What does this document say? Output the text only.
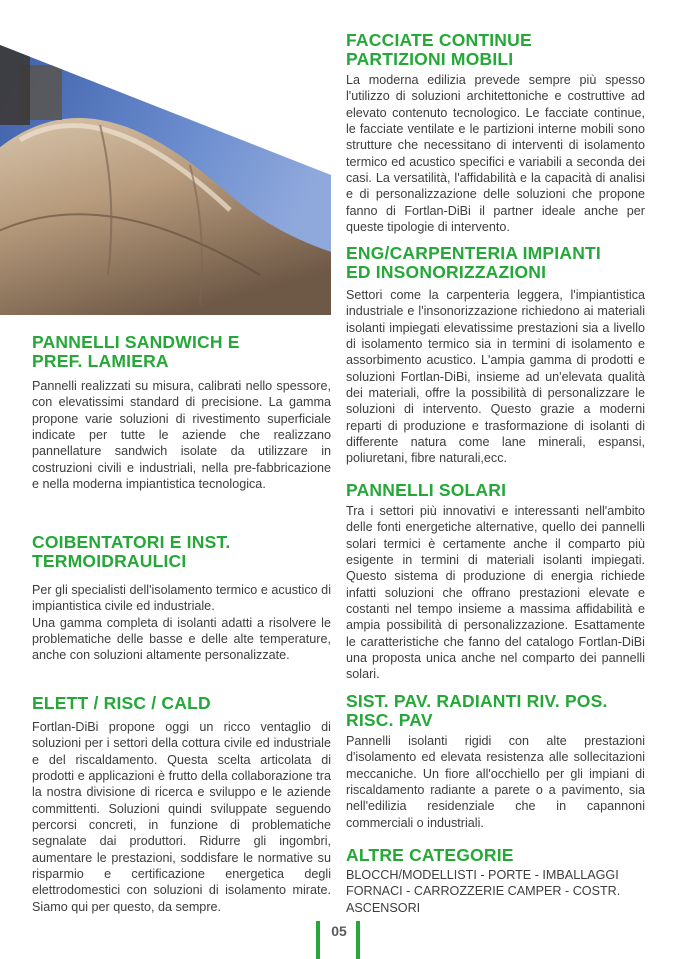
PANNELLI SANDWICH E
PREF. LAMIERA

Pannelli realizzati su misura, calibrati nello spessore, con elevatissimi standard di precisione. La gamma propone varie soluzioni di rivestimento superficiale indicate per tutte le aziende che realizzano pannellature sandwich isolate da utilizzare in costruzioni civili e industriali, nella pre-fabbricazione e nella moderna impiantistica tecnologica.

COIBENTATORI E INST.
TERMOIDRAULICI

Per gli specialisti dell'isolamento termico e acustico di impiantistica civile ed industriale.

Una gamma completa di isolanti adatti a risolvere le problematiche delle basse e delle alte temperature, anche con soluzioni altamente personalizzate.

ELETT / RISC / CALD

Fortlan-DiBi propone oggi un ricco ventaglio di soluzioni per i settori della cottura civile ed industriale e del riscaldamento. Questa scelta articolata di prodotti e applicazioni è frutto della collaborazione tra la nostra divisione di ricerca e sviluppo e le aziende committenti. Soluzioni quindi sviluppate seguendo percorsi concreti, in funzione di problematiche segnalate dai produttori. Ridurre gli ingombri, aumentare le prestazioni, soddisfare le normative su risparmio e certificazione energetica degli elettrodomestici con soluzioni di isolamento mirate. Siamo qui per questo, da sempre.

FACCIATE CONTINUE
PARTIZIONI MOBILI

La moderna edilizia prevede sempre più spesso l'utilizzo di soluzioni architettoniche e costruttive ad elevato contenuto tecnologico. Le facciate continue, le facciate ventilate e le partizioni interne mobili sono strutture che necessitano di interventi di isolamento termico ed acustico specifici e variabili a seconda dei casi. La versatilità, l'affidabilità e la capacità di analisi e di personalizzazione delle soluzioni che propone fanno di Fortlan-DiBi il partner ideale anche per queste tipologie di intervento.

ENG/CARPENTERIA IMPIANTI
ED INSONORIZZAZIONI

Settori come la carpenteria leggera, l'impiantistica industriale e l'insonorizzazione richiedono ai materiali isolanti impiegati elevatissime prestazioni sia a livello di isolamento termico sia in termini di isolamento e assorbimento acustico. L'ampia gamma di prodotti e soluzioni Fortlan-DiBi, insieme ad un'elevata qualità dei materiali, offre la possibilità di personalizzare le soluzioni di intervento. Questo grazie a moderni reparti di produzione e trasformazione di isolanti di differente natura come lane minerali, espansi, poliuretani, fibre naturali,ecc.

PANNELLI SOLARI

Tra i settori più innovativi e interessanti nell'ambito delle fonti energetiche alternative, quello dei pannelli solari termici è certamente anche il comparto più esigente in termini di materiali isolanti impiegati. Questo sistema di produzione di energia richiede infatti soluzioni che offrano prestazioni elevate e costanti nel tempo insieme a massima affidabilità e ampia possibilità di personalizzazione. Esattamente le caratteristiche che fanno del catalogo Fortlan-DiBi una proposta unica anche nel comparto dei pannelli solari.

SIST. PAV. RADIANTI RIV. POS.
RISC. PAV

Pannelli isolanti rigidi con alte prestazioni d'isolamento ed elevata resistenza alle sollecitazioni meccaniche. Un fiore all'occhiello per gli impiani di riscaldamento radiante a parete o a pavimento, sia nell'edilizia residenziale che in capannoni commerciali o industriali.

ALTRE CATEGORIE

BLOCCH/MODELLISTI - PORTE - IMBALLAGGI
FORNACI - CARROZZERIE CAMPER - COSTR.
ASCENSORI

05
